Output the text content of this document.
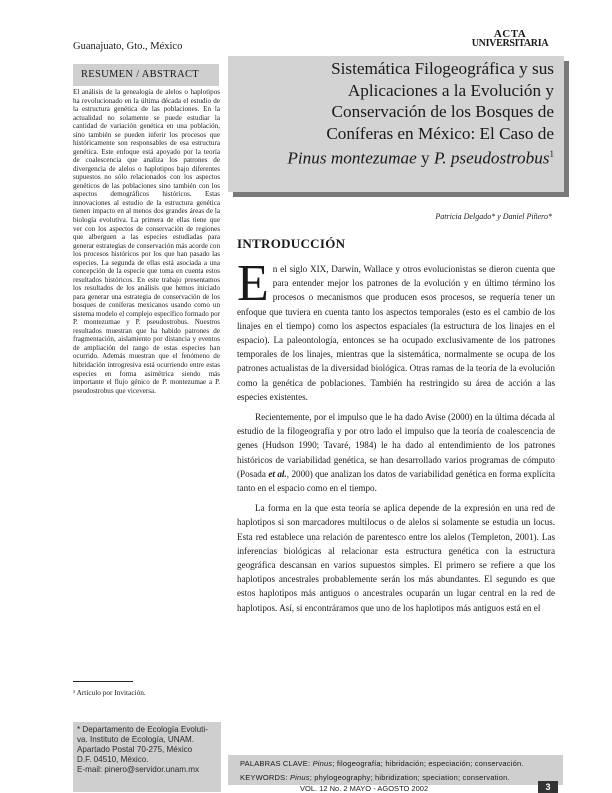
Guanajuato, Gto., México
ACTA
UNIVERSITARIA
RESUMEN / ABSTRACT

El análisis de la genealogía de alelos o haplotipos ha revolucionado en la última década el estudio de la estructura genética de las poblaciones. En la actualidad no solamente se puede estudiar la cantidad de variación genética en una población, sino también se pueden inferir los procesos que históricamente son responsables de esa estructura genética. Este enfoque está apoyado por la teoría de coalescencia que analiza los patrones de divergencia de alelos o haplotipos bajo diferentes supuestos no sólo relacionados con los aspectos genéticos de las poblaciones sino también con los aspectos demográficos históricos. Estas innovaciones al estudio de la estructura genética tienen impacto en al menos dos grandes áreas de la biología evolutiva. La primera de ellas tiene que ver con los aspectos de conservación de regiones que alberguen a las especies estudiadas para generar estrategias de conservación más acorde con los procesos históricos por los que han pasado las especies. La segunda de ellas está asociada a una concepción de la especie que toma en cuenta estos resultados históricos. En este trabajo presentamos los resultados de los análisis que hemos iniciado para generar una estrategia de conservación de los bosques de coníferas mexicanos usando como un sistema modelo el complejo específico formado por P. montezumae y P. pseudostrobus. Nuestros resultados muestran que ha habido patrones de fragmentación, aislamiento por distancia y eventos de ampliación del rango de estas especies han ocurrido. Además muestran que el fenómeno de hibridación introgresiva está ocurriendo entre estas especies en forma asimétrica siendo más importante el flujo génico de P. montezumae a P. pseudostrobus que viceversa.

Sistemática Filogeográfica y sus
Aplicaciones a la Evolución y
Conservación de los Bosques de
Coníferas en México: El Caso de
Pinus montezumae y P. pseudostrobus$^1$
Patricia Delgado* y Daniel Piñero*
INTRODUCCIÓN

En el siglo XIX, Darwin, Wallace y otros evolucionistas se dieron cuenta que para entender mejor los patrones de la evolución y en último término los procesos o mecanismos que producen esos procesos, se requería tener un enfoque que tuviera en cuenta tanto los aspectos temporales (esto es el cambio de los linajes en el tiempo) como los aspectos espaciales (la estructura de los linajes en el espacio). La paleontología, entonces se ha ocupado exclusivamente de los patrones temporales de los linajes, mientras que la sistemática, normalmente se ocupa de los patrones actualistas de la diversidad biológica. Otras ramas de la teoría de la evolución como la genética de poblaciones. También ha restringido su área de acción a las especies existentes.

Recientemente, por el impulso que le ha dado Avise (2000) en la última década al estudio de la filogeografía y por otro lado el impulso que la teoría de coalescencia de genes (Hudson 1990; Tavaré, 1984) le ha dado al entendimiento de los patrones históricos de variabilidad genética, se han desarrollado varios programas de cómputo (Posada et al., 2000) que analizan los datos de variabilidad genética en forma explícita tanto en el espacio como en el tiempo.

La forma en la que esta teoría se aplica depende de la expresión en una red de haplotipos si son marcadores multilocus o de alelos si solamente se estudia un locus. Esta red establece una relación de parentesco entre los alelos (Templeton, 2001). Las inferencias biológicas al relacionar esta estructura genética con la estructura geográfica descansan en varios supuestos simples. El primero se refiere a que los haplotipos ancestrales probablemente serán los más abundantes. El segundo es que estos haplotipos más antiguos o ancestrales ocuparán un lugar central en la red de haplotipos. Así, si encontráramos que uno de los haplotipos más antiguos está en el

¹ Artículo por Invitación.
* Departamento de Ecología Evoluti-
va. Instituto de Ecología, UNAM.
Apartado Postal 70-275, México
D.F. 04510, México.
E-mail: pinero@servidor.unam.mx
PALABRAS CLAVE: Pinus; filogeografía; hibridación; especiación; conservación.
KEYWORDS: Pinus; phylogeography; hibridization; speciation; conservation.
VOL. 12 No. 2 MAYO - AGOSTO 2002	3
